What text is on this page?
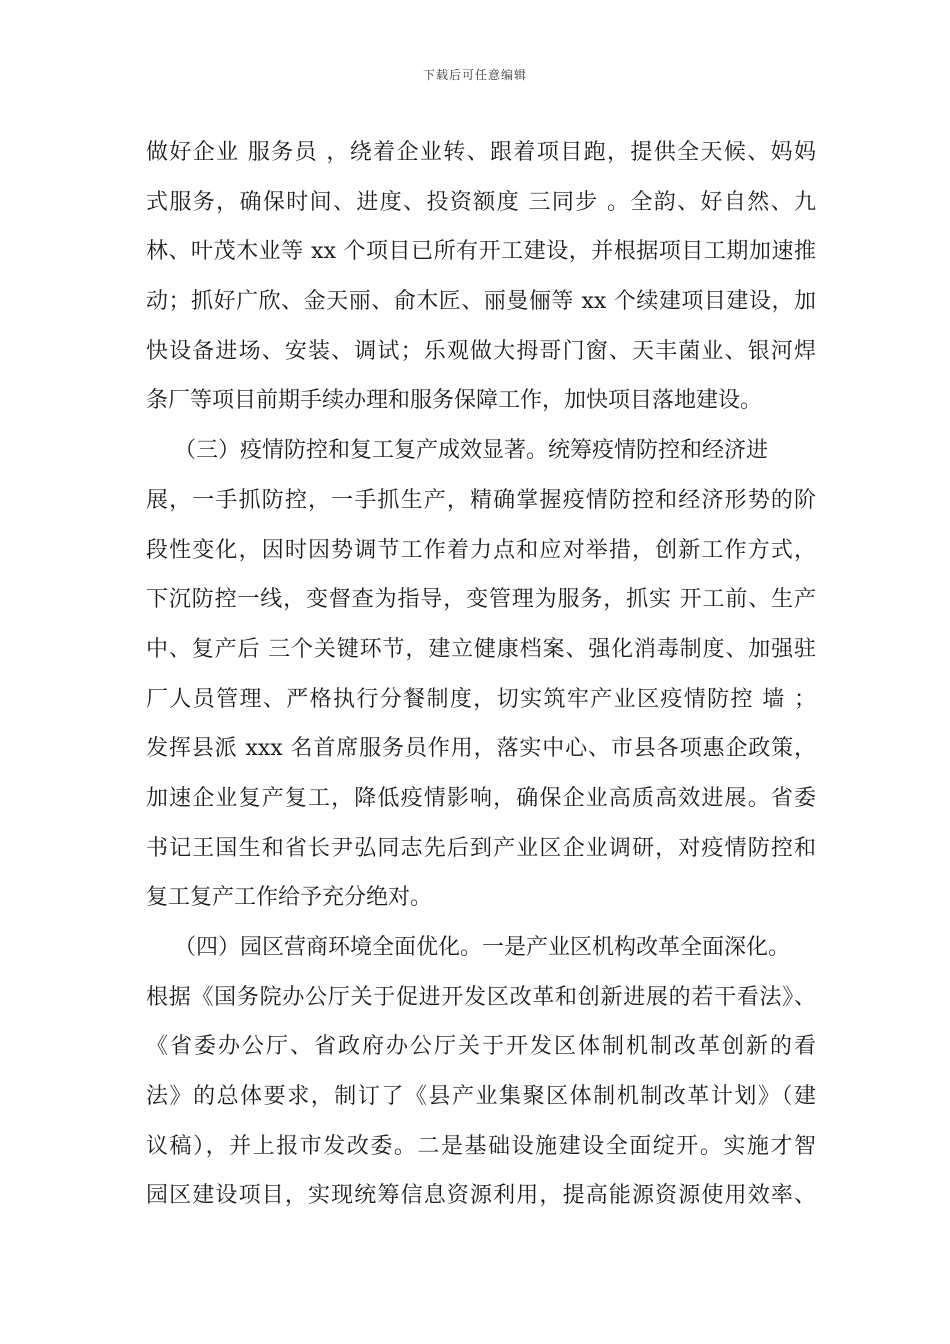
下载后可任意编辑
做好企业 服务员 ，绕着企业转、跟着项目跑，提供全天候、妈妈
式服务，确保时间、进度、投资额度 三同步 。全韵、好自然、九
林、叶茂木业等 xx 个项目已所有开工建设，并根据项目工期加速推
动；抓好广欣、金天丽、俞木匠、丽曼俪等 xx 个续建项目建设，加
快设备进场、安装、调试；乐观做大拇哥门窗、天丰菌业、银河焊
条厂等项目前期手续办理和服务保障工作，加快项目落地建设。
（三）疫情防控和复工复产成效显著。统筹疫情防控和经济进
展，一手抓防控，一手抓生产，精确掌握疫情防控和经济形势的阶
段性变化，因时因势调节工作着力点和应对举措，创新工作方式，
下沉防控一线，变督查为指导，变管理为服务，抓实 开工前、生产
中、复产后 三个关键环节，建立健康档案、强化消毒制度、加强驻
厂人员管理、严格执行分餐制度，切实筑牢产业区疫情防控 墙 ；
发挥县派 xxx 名首席服务员作用，落实中心、市县各项惠企政策，
加速企业复产复工，降低疫情影响，确保企业高质高效进展。省委
书记王国生和省长尹弘同志先后到产业区企业调研，对疫情防控和
复工复产工作给予充分绝对。
（四）园区营商环境全面优化。一是产业区机构改革全面深化。
根据《国务院办公厅关于促进开发区改革和创新进展的若干看法》、
《省委办公厅、省政府办公厅关于开发区体制机制改革创新的看
法》的总体要求，制订了《县产业集聚区体制机制改革计划》（建
议稿），并上报市发改委。二是基础设施建设全面绽开。实施才智
园区建设项目，实现统筹信息资源利用，提高能源资源使用效率、
